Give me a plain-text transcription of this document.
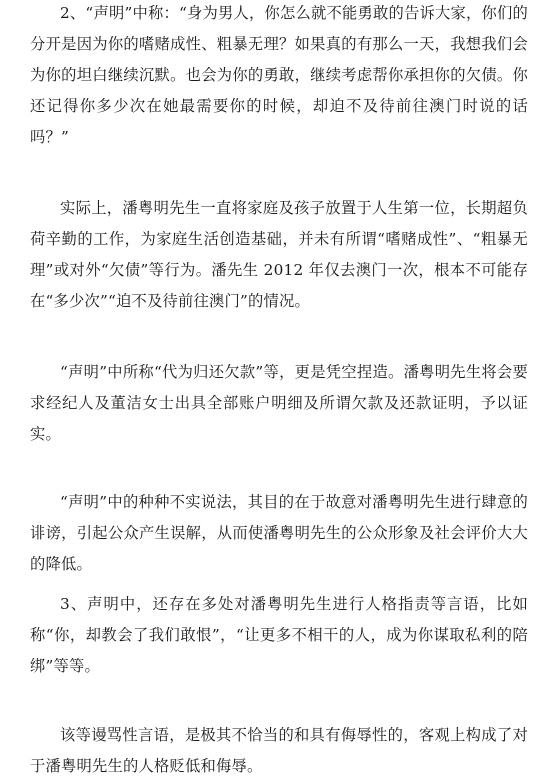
2、“声明”中称：“身为男人，你怎么就不能勇敢的告诉大家，你们的分开是因为你的嗜赌成性、粗暴无理？如果真的有那么一天，我想我们会为你的坦白继续沉默。也会为你的勇敢，继续考虑帮你承担你的欠债。你还记得你多少次在她最需要你的时候，却迫不及待前往澳门时说的话吗？”

实际上，潘粤明先生一直将家庭及孩子放置于人生第一位，长期超负荷辛勤的工作，为家庭生活创造基础，并未有所谓“嗜赌成性”、“粗暴无理”或对外“欠债”等行为。潘先生 2012 年仅去澳门一次，根本不可能存在“多少次”“迫不及待前往澳门”的情况。

“声明”中所称“代为归还欠款”等，更是凭空捏造。潘粤明先生将会要求经纪人及董洁女士出具全部账户明细及所谓欠款及还款证明，予以证实。

“声明”中的种种不实说法，其目的在于故意对潘粤明先生进行肆意的诽谤，引起公众产生误解，从而使潘粤明先生的公众形象及社会评价大大的降低。

3、声明中，还存在多处对潘粤明先生进行人格指责等言语，比如称“你，却教会了我们敢恨”，“让更多不相干的人，成为你谋取私利的陪绑”等等。

该等谩骂性言语，是极其不恰当的和具有侮辱性的，客观上构成了对于潘粤明先生的人格贬低和侮辱。
